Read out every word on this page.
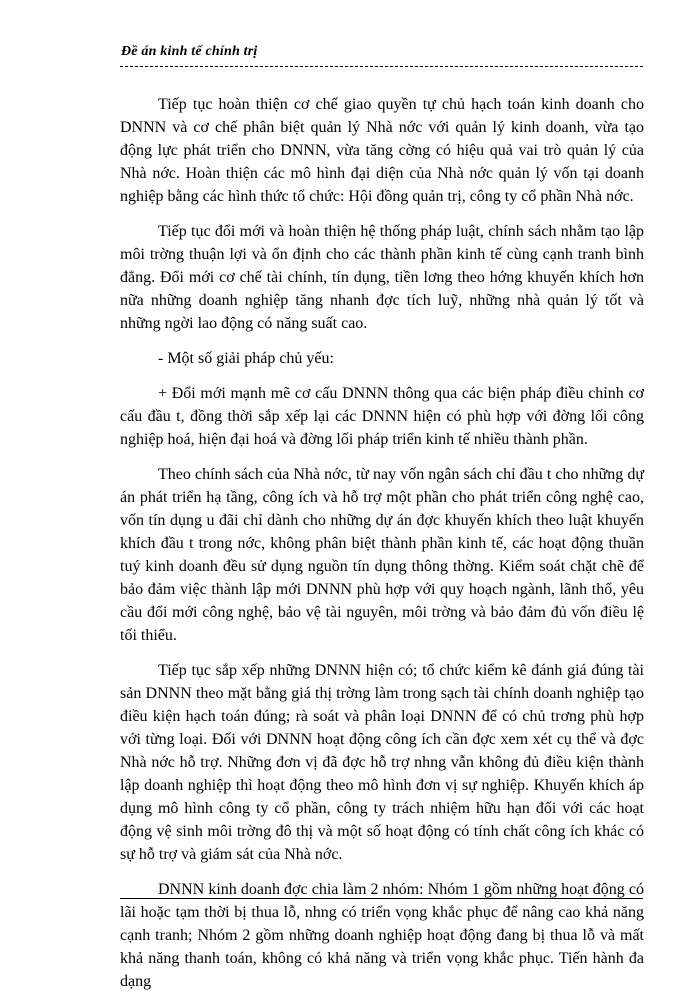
Đề án kinh tế chính trị

Tiếp tục hoàn thiện cơ chế giao quyền tự chủ hạch toán kinh doanh cho DNNN và cơ chế phân biệt quản lý Nhà nớc với quản lý kinh doanh, vừa tạo động lực phát triển cho DNNN, vừa tăng cờng có hiệu quả vai trò quản lý của Nhà nớc. Hoàn thiện các mô hình đại diện của Nhà nớc quản lý vốn tại doanh nghiệp bằng các hình thức tổ chức: Hội đồng quản trị, công ty cổ phần Nhà nớc.

Tiếp tục đổi mới và hoàn thiện hệ thống pháp luật, chính sách nhằm tạo lập môi trờng thuận lợi và ổn định cho các thành phần kinh tế cùng cạnh tranh bình đẳng. Đổi mới cơ chế tài chính, tín dụng, tiền lơng theo hớng khuyến khích hơn nữa những doanh nghiệp tăng nhanh đợc tích luỹ, những nhà quản lý tốt và những ngời lao động có năng suất cao.

- Một số giải pháp chủ yếu:

+ Đổi mới mạnh mẽ cơ cấu DNNN thông qua các biện pháp điều chỉnh cơ cấu đầu t, đồng thời sắp xếp lại các DNNN hiện có phù hợp với đờng lối công nghiệp hoá, hiện đại hoá và đờng lối pháp triển kinh tế nhiều thành phần.

Theo chính sách của Nhà nớc, từ nay vốn ngân sách chỉ đầu t cho những dự án phát triển hạ tầng, công ích và hỗ trợ một phần cho phát triển công nghệ cao, vốn tín dụng u đãi chỉ dành cho những dự án đợc khuyến khích theo luật khuyến khích đầu t trong nớc, không phân biệt thành phần kinh tế, các hoạt động thuần tuý kinh doanh đều sử dụng nguồn tín dụng thông thờng. Kiểm soát chặt chẽ để bảo đảm việc thành lập mới DNNN phù hợp với quy hoạch ngành, lãnh thổ, yêu cầu đổi mới công nghệ, bảo vệ tài nguyên, môi trờng và bảo đảm đủ vốn điều lệ tối thiểu.

Tiếp tục sắp xếp những DNNN hiện có; tổ chức kiểm kê đánh giá đúng tài sản DNNN theo mặt bằng giá thị trờng làm trong sạch tài chính doanh nghiệp tạo điều kiện hạch toán đúng; rà soát và phân loại DNNN để có chủ trơng phù hợp với từng loại. Đối với DNNN hoạt động công ích cần đợc xem xét cụ thể và đợc Nhà nớc hỗ trợ. Những đơn vị đã đợc hỗ trợ nhng vẫn không đủ điều kiện thành lập doanh nghiệp thì hoạt động theo mô hình đơn vị sự nghiệp. Khuyến khích áp dụng mô hình công ty cổ phần, công ty trách nhiệm hữu hạn đối với các hoạt động vệ sinh môi trờng đô thị và một số hoạt động có tính chất công ích khác có sự hỗ trợ và giám sát của Nhà nớc.

DNNN kinh doanh đợc chia làm 2 nhóm: Nhóm 1 gồm những hoạt động có lãi hoặc tạm thời bị thua lỗ, nhng có triển vọng khắc phục để nâng cao khả năng cạnh tranh; Nhóm 2 gồm những doanh nghiệp hoạt động đang bị thua lỗ và mất khả năng thanh toán, không có khả năng và triển vọng khắc phục. Tiến hành đa dạng
